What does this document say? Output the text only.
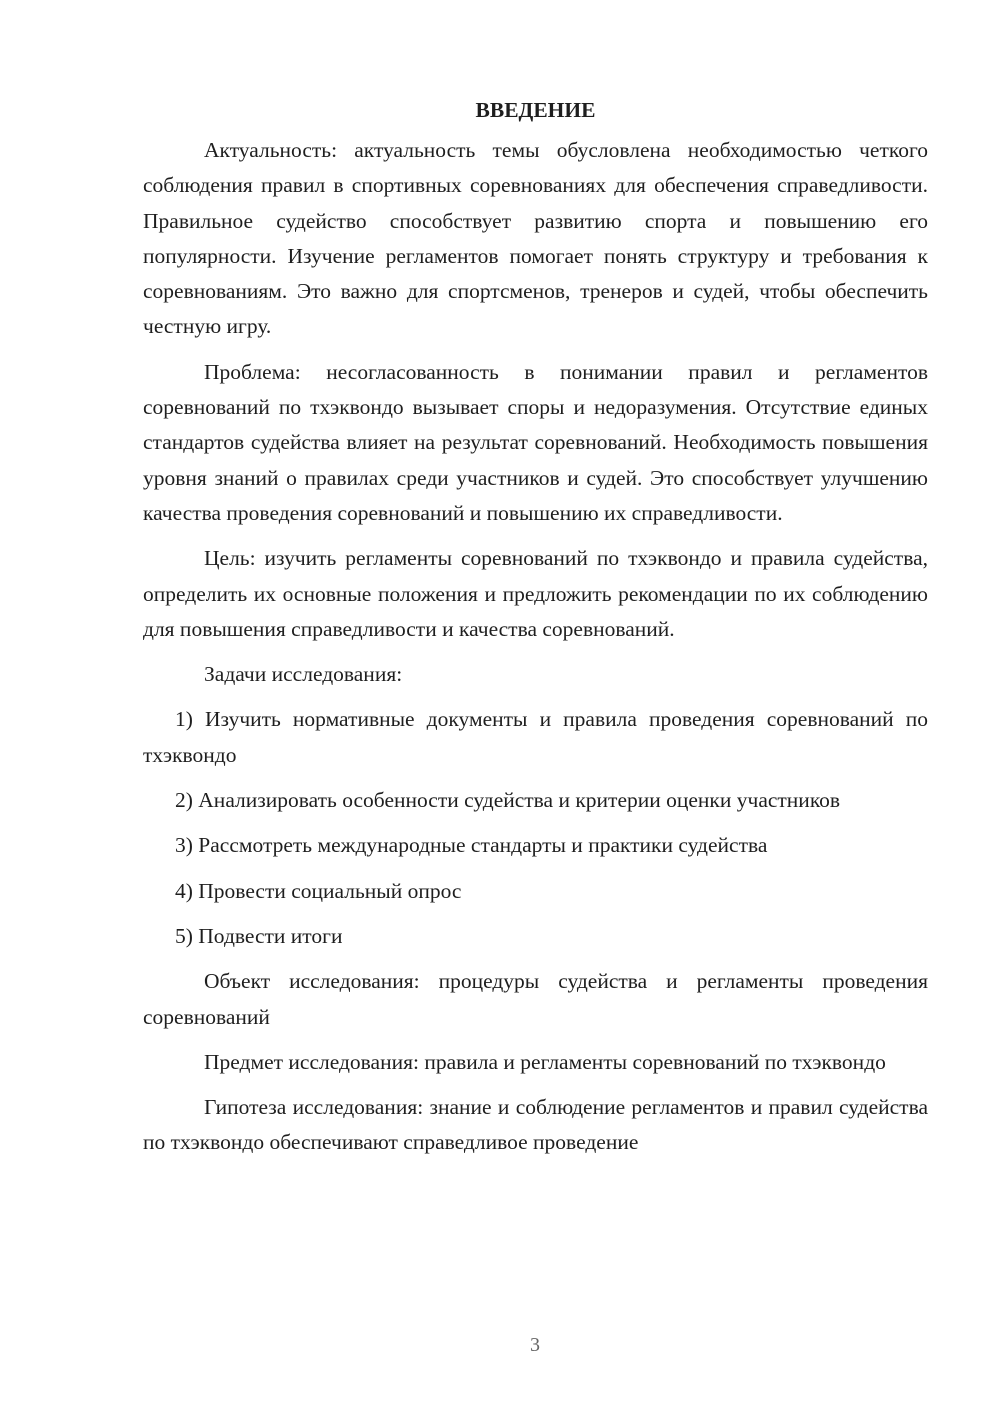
ВВЕДЕНИЕ

Актуальность: актуальность темы обусловлена необходимостью четкого соблюдения правил в спортивных соревнованиях для обеспечения справедливости. Правильное судейство способствует развитию спорта и повышению его популярности. Изучение регламентов помогает понять структуру и требования к соревнованиям. Это важно для спортсменов, тренеров и судей, чтобы обеспечить честную игру.

Проблема: несогласованность в понимании правил и регламентов соревнований по тхэквондо вызывает споры и недоразумения. Отсутствие единых стандартов судейства влияет на результат соревнований. Необходимость повышения уровня знаний о правилах среди участников и судей. Это способствует улучшению качества проведения соревнований и повышению их справедливости.

Цель: изучить регламенты соревнований по тхэквондо и правила судейства, определить их основные положения и предложить рекомендации по их соблюдению для повышения справедливости и качества соревнований.

Задачи исследования:

1) Изучить нормативные документы и правила проведения соревнований по тхэквондо

2) Анализировать особенности судейства и критерии оценки участников

3) Рассмотреть международные стандарты и практики судейства

4) Провести социальный опрос

5) Подвести итоги

Объект исследования: процедуры судейства и регламенты проведения соревнований

Предмет исследования: правила и регламенты соревнований по тхэквондо

Гипотеза исследования: знание и соблюдение регламентов и правил судейства по тхэквондо обеспечивают справедливое проведение

3
